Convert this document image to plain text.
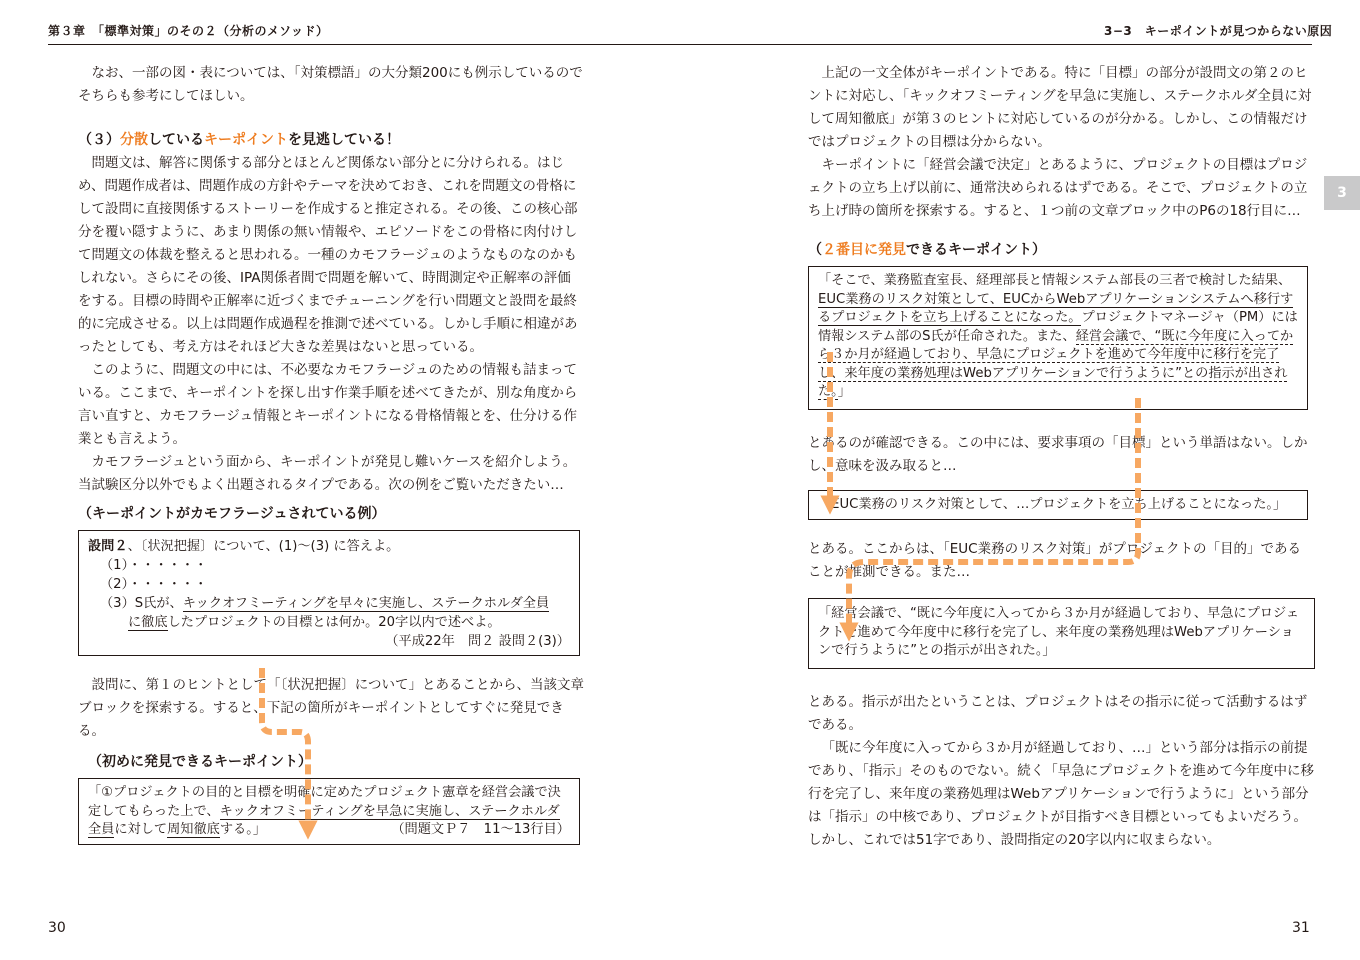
第３章　「標準対策」のその２（分析のメソッド）	3−3　キーポイントが見つからない原因
3

なお、一部の図・表については、「対策標語」の大分類200にも例示しているのでそちらも参考にしてほしい。

（３）分散しているキーポイントを見逃している！

問題文は、解答に関係する部分とほとんど関係ない部分とに分けられる。はじめ、問題作成者は、問題作成の方針やテーマを決めておき、これを問題文の骨格にして設問に直接関係するストーリーを作成すると推定される。その後、この核心部分を覆い隠すように、あまり関係の無い情報や、エピソードをこの骨格に肉付けして問題文の体裁を整えると思われる。一種のカモフラージュのようなものなのかもしれない。さらにその後、IPA関係者間で問題を解いて、時間測定や正解率の評価をする。目標の時間や正解率に近づくまでチューニングを行い問題文と設問を最終的に完成させる。以上は問題作成過程を推測で述べている。しかし手順に相違があったとしても、考え方はそれほど大きな差異はないと思っている。

このように、問題文の中には、不必要なカモフラージュのための情報も詰まっている。ここまで、キーポイントを探し出す作業手順を述べてきたが、別な角度から言い直すと、カモフラージュ情報とキーポイントになる骨格情報とを、仕分ける作業とも言えよう。

カモフラージュという面から、キーポイントが発見し難いケースを紹介しよう。当試験区分以外でもよく出題されるタイプである。次の例をご覧いただきたい…

（キーポイントがカモフラージュされている例）
設問２、〔状況把握〕について、(1)〜(3) に答えよ。
（1）・・・・・・
（2）・・・・・・
（3）S氏が、キックオフミーティングを早々に実施し、ステークホルダ全員
に徹底したプロジェクトの目標とは何か。20字以内で述べよ。
（平成22年　問２ 設問２(3)）

設問に、第１のヒントとして「〔状況把握〕について」とあることから、当該文章ブロックを探索する。すると、下記の箇所がキーポイントとしてすぐに発見できる。

（初めに発見できるキーポイント）
「①プロジェクトの目的と目標を明確に定めたプロジェクト憲章を経営会議で決定してもらった上で、キックオフミーティングを早急に実施し、ステークホルダ全員に対して周知徹底する。」	（問題文Ｐ７　11〜13行目）

上記の一文全体がキーポイントである。特に「目標」の部分が設問文の第２のヒントに対応し、「キックオフミーティングを早急に実施し、ステークホルダ全員に対して周知徹底」が第３のヒントに対応しているのが分かる。しかし、この情報だけではプロジェクトの目標は分からない。

キーポイントに「経営会議で決定」とあるように、プロジェクトの目標はプロジェクトの立ち上げ以前に、通常決められるはずである。そこで、プロジェクトの立ち上げ時の箇所を探索する。すると、１つ前の文章ブロック中のP6の18行目に…

（２番目に発見できるキーポイント）
「そこで、業務監査室長、経理部長と情報システム部長の三者で検討した結果、EUC業務のリスク対策として、EUCからWebアプリケーションシステムへ移行するプロジェクトを立ち上げることになった。プロジェクトマネージャ（PM）には情報システム部のS氏が任命された。また、経営会議で、“既に今年度に入ってから３か月が経過しており、早急にプロジェクトを進めて今年度中に移行を完了し、来年度の業務処理はWebアプリケーションで行うように”との指示が出された。」

とあるのが確認できる。この中には、要求事項の「目標」という単語はない。しかし、意味を汲み取ると…

「EUC業務のリスク対策として、…プロジェクトを立ち上げることになった。」

とある。ここからは、「EUC業務のリスク対策」がプロジェクトの「目的」であることが推測できる。また…

「経営会議で、“既に今年度に入ってから３か月が経過しており、早急にプロジェクトを進めて今年度中に移行を完了し、来年度の業務処理はWebアプリケーションで行うように”との指示が出された。」

とある。指示が出たということは、プロジェクトはその指示に従って活動するはずである。

「既に今年度に入ってから３か月が経過しており、…」という部分は指示の前提であり、「指示」そのものでない。続く「早急にプロジェクトを進めて今年度中に移行を完了し、来年度の業務処理はWebアプリケーションで行うように」という部分は「指示」の中核であり、プロジェクトが目指すべき目標といってもよいだろう。しかし、これでは51字であり、設問指定の20字以内に収まらない。

30	31
